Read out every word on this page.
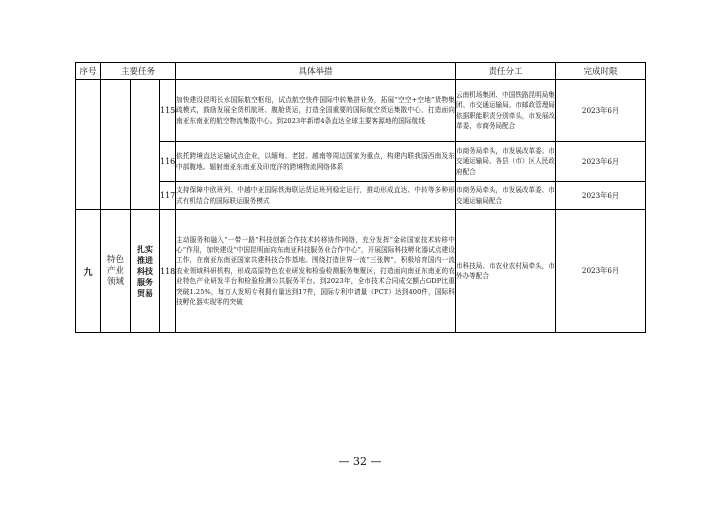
序号	主要任务			具体举措	责任分工	完成时限
			115	加快建设昆明长水国际航空枢纽，试点航空快件国际中转集拼业务，拓展“空空+空地”货物集疏模式，鼓励发展全货机航班、腹舱货运，打造全国重要的国际航空货运集散中心，打造面向南亚东南亚的航空物流集散中心。到2023年新增4条直达全球主要客源地的国际航线	云南机场集团、中国铁路昆明局集团、市交通运输局、市邮政管理局依据职能职责分别牵头，市发展改革委、市商务局配合	2023年6月
			116	依托跨境直达运输试点企业，以缅甸、老挝、越南等周边国家为重点，构建内联我国西南及东中部腹地、辐射南亚东南亚及印度洋的跨境物流网络体系	市商务局牵头，市发展改革委、市交通运输局、各县（市）区人民政府配合	2023年6月
			117	支持保障中欧班列、中越中亚国际铁海联运货运班列稳定运行，推动形成直达、中转等多种形式有机结合的国际联运服务模式	市商务局牵头，市发展改革委、市交通运输局配合	2023年6月
九	特色产业领域	扎实推进科技服务贸易	118	主动服务和融入“一带一路”科技创新合作技术转移协作网络，充分发挥“金砖国家技术转移中心”作用，加快建设“中国昆明面向东南亚科技服务业合作中心”，开展国际科技孵化器试点建设工作，在南亚东南亚国家共建科技合作基地。围绕打造世界一流“三张牌”，积极培育国内一流农业领域科研机构，形成高原特色农业研发和检验检测服务集聚区，打造面向南亚东南亚的农业特色产业研发平台和检验检测公共服务平台。到2023年，全市技术合同成交额占GDP比重突破1.25%，每万人发明专利拥有量达到17件，国际专利申请量（PCT）达到400件，国际科技孵化器实现零的突破	市科技局、市农业农村局牵头，市外办等配合	2023年6月
— 32 —
